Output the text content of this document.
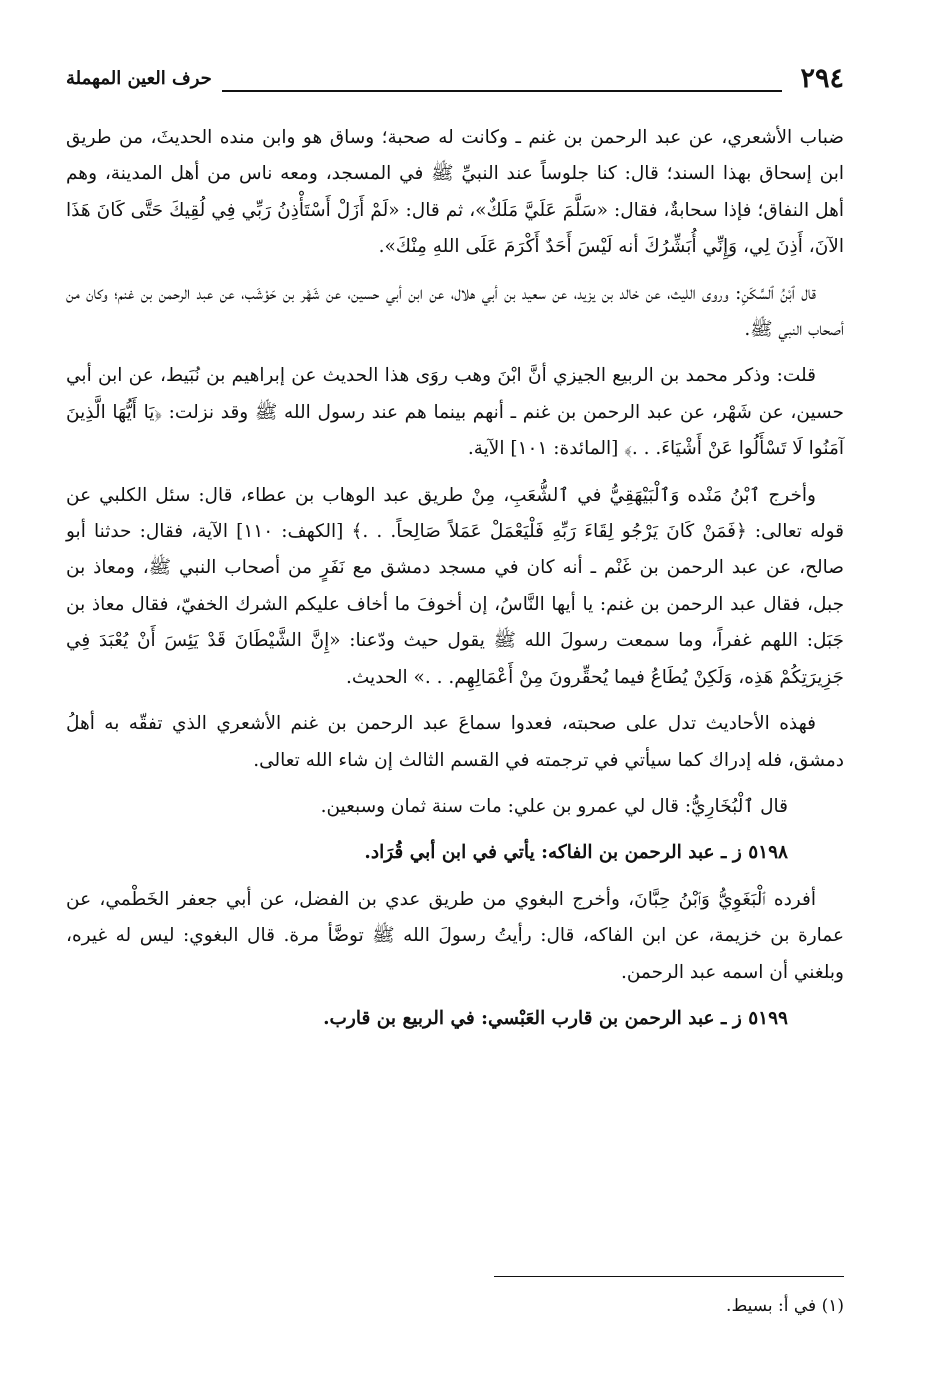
٢٩٤
حرف العين المهملة

ضباب الأشعري، عن عبد الرحمن بن غنم ـ وكانت له صحبة؛ وساق هو وابن منده الحديثَ، من طريق ابن إسحاق بهذا السند؛ قال: كنا جلوساً عند النبيِّ ﷺ في المسجد، ومعه ناس من أهل المدينة، وهم أهل النفاق؛ فإذا سحابةٌ، فقال: «سَلَّمَ عَلَيَّ مَلَكٌ»، ثم قال: «لَمْ أَزَلْ أَسْتَأْذِنُ رَبِّي فِي لُقِيكَ حَتَّى كَانَ هَذَا الآنَ، أَذِنَ لِي، وَإِنِّي أُبَشِّرُكَ أنه لَيْسَ أَحَدٌ أَكْرَمَ عَلَى اللهِ مِنْكَ».

قال ٱبْنُ ٱلسَّكَنِ: وروى الليث، عن خالد بن يزيد، عن سعيد بن أبي هلال، عن ابن أبي حسين، عن شَهْر بن حَوْشَب، عن عبد الرحمن بن غنم؛ وكان من أصحاب النبي ﷺ.

قلت: وذكر محمد بن الربيع الجيزي أنَّ ابْنَ وهب روَى هذا الحديث عن إبراهيم بن نُبَيط، عن ابن أبي حسين، عن شَهْر، عن عبد الرحمن بن غنم ـ أنهم بينما هم عند رسول الله ﷺ وقد نزلت: ﴿يَا أَيُّهَا الَّذِينَ آمَنُوا لَا تَسْأَلُوا عَنْ أَشْيَاءَ. . .﴾ [المائدة: ١٠١] الآية.

وأخرج ٱبْنُ مَنْده وَٱلْبَيْهَقِيُّ في ٱلشُّعَبِ، مِنْ طريق عبد الوهاب بن عطاء، قال: سئل الكلبي عن قوله تعالى: ﴿فَمَنْ كَانَ يَرْجُو لِقَاءَ رَبِّهِ فَلْيَعْمَلْ عَمَلاً صَالِحاً. . .﴾ [الكهف: ١١٠] الآية، فقال: حدثنا أبو صالح، عن عبد الرحمن بن غَنْم ـ أنه كان في مسجد دمشق مع نَفَرٍ من أصحاب النبي ﷺ، ومعاذ بن جبل، فقال عبد الرحمن بن غنم: يا أيها النَّاسُ، إن أخوفَ ما أخاف عليكم الشرك الخفيّ، فقال معاذ بن جَبَل: اللهم غفراً، وما سمعت رسولَ الله ﷺ يقول حيث ودّعنا: «إِنَّ الشَّيْطَانَ قَدْ يَئِسَ أَنْ يُعْبَدَ فِي جَزِيرَتِكُمْ هَذِه، وَلَكِنْ يُطَاعُ فيما يُحقِّرونَ مِنْ أَعْمَالِهِم. . .» الحديث.

فهذه الأحاديث تدل على صحبته، فعدوا سماعَ عبد الرحمن بن غنم الأشعري الذي تفقّه به أهلُ دمشق، فله إدراك كما سيأتي في ترجمته في القسم الثالث إن شاء الله تعالى.

قال ٱلْبُخَارِيُّ: قال لي عمرو بن علي: مات سنة ثمان وسبعين.

٥١٩٨ ز ـ عبد الرحمن بن الفاكه: يأتي في ابن أبي قُرَاد.

أفرده ٱلْبَغَوِيُّ وَٱبْنُ حِبَّانَ، وأخرج البغوي من طريق عدي بن الفضل، عن أبي جعفر الخَطْمي، عن عمارة بن خزيمة، عن ابن الفاكه، قال: رأيتُ رسولَ الله ﷺ توضَّأ مرة. قال البغوي: ليس له غيره، وبلغني أن اسمه عبد الرحمن.

٥١٩٩ ز ـ عبد الرحمن بن قارب العَبْسي: في الربيع بن قارب.

(١) في أ: بسيط.
